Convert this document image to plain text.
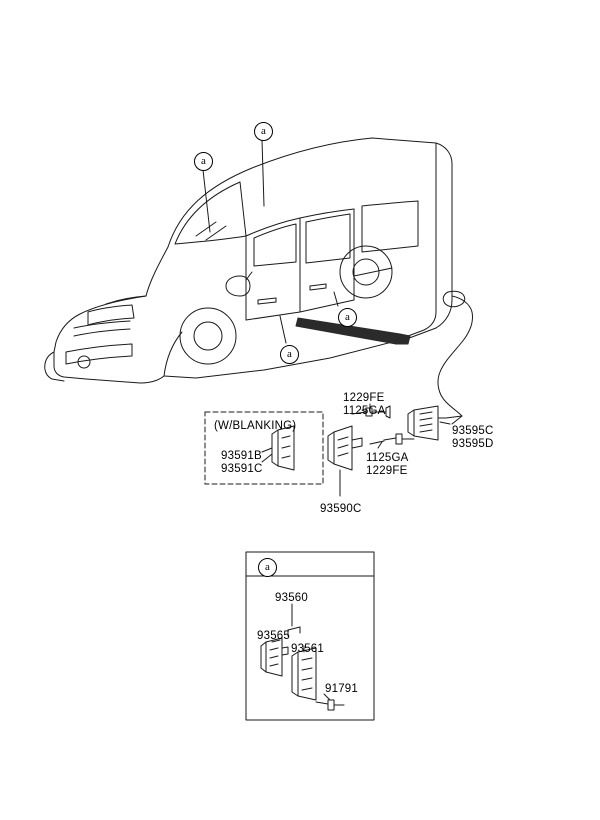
a
a
a
a
a
1229FE
1125GA
1125GA
1229FE
93595C
93595D
93590C
93591B
93591C
93560
93565
93561
91791
(W/BLANKING)
